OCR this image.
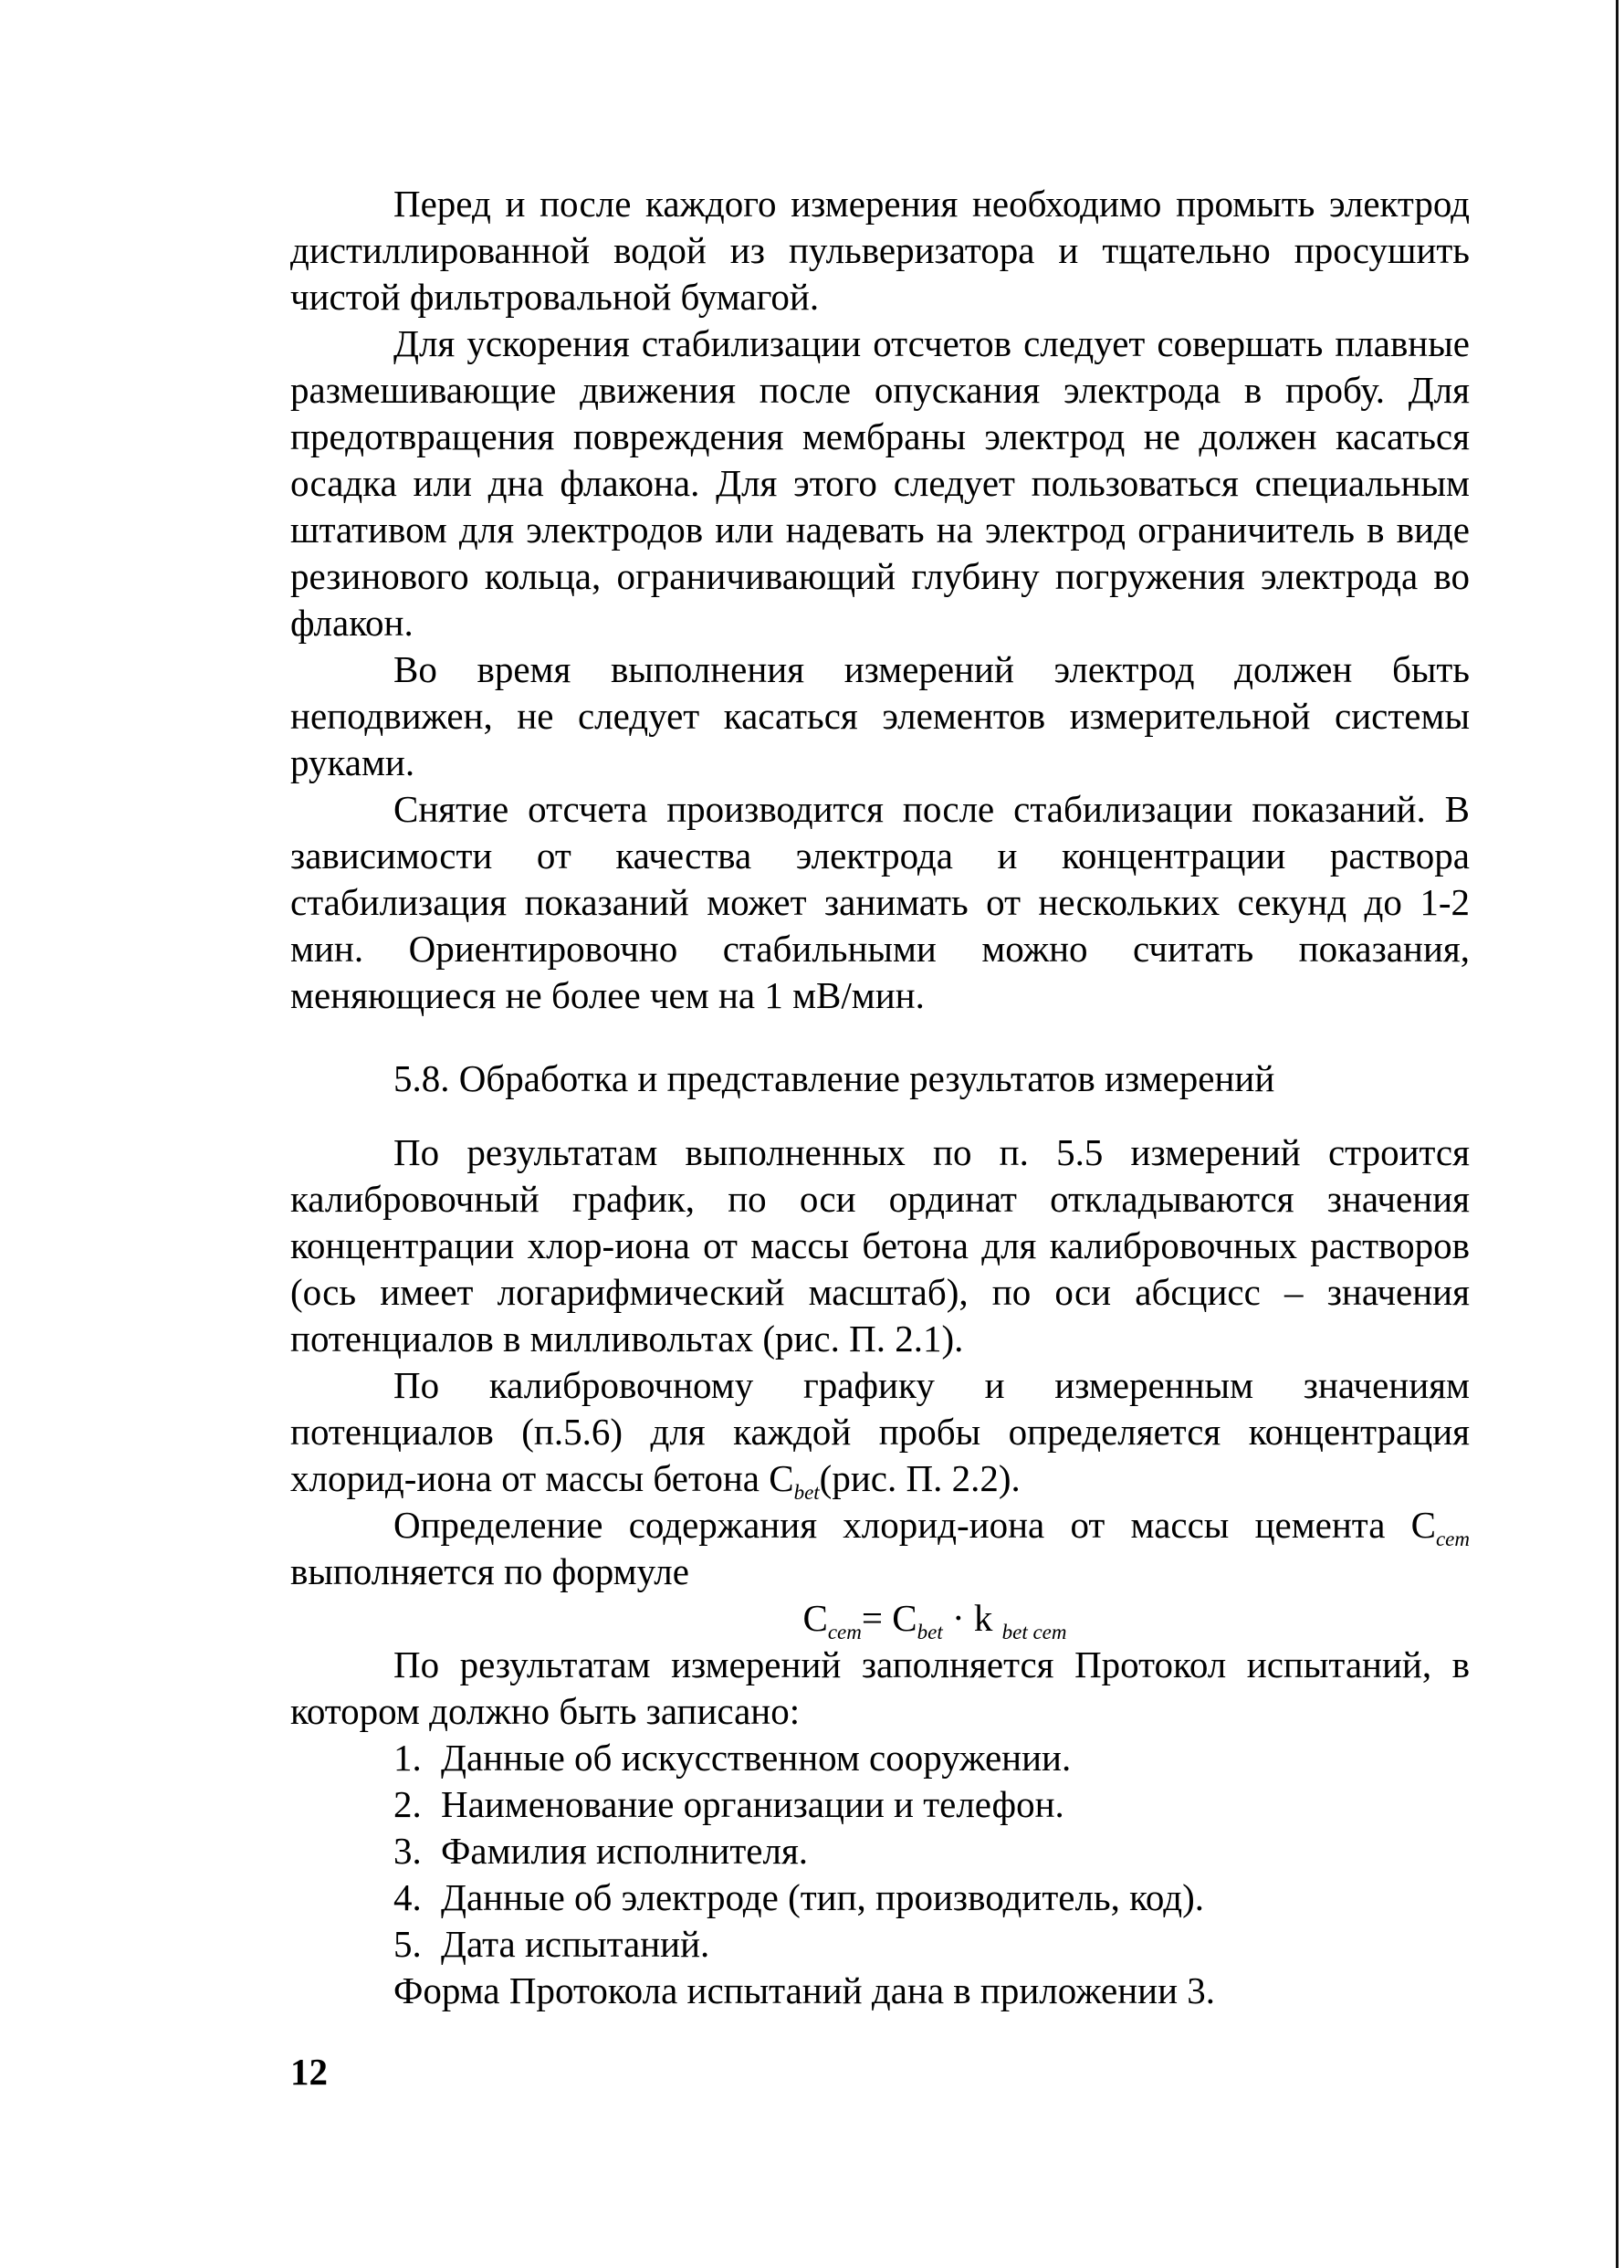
Перед и после каждого измерения необходимо промыть электрод дистиллированной водой из пульверизатора и тщательно просушить чистой фильтровальной бумагой.

Для ускорения стабилизации отсчетов следует совершать плавные размешивающие движения после опускания электрода в пробу. Для предотвращения повреждения мембраны электрод не должен касаться осадка или дна флакона. Для этого следует пользоваться специальным штативом для электродов или надевать на электрод ограничитель в виде резинового кольца, ограничивающий глубину погружения электрода во флакон.

Во время выполнения измерений электрод должен быть неподвижен, не следует касаться элементов измерительной системы руками.

Снятие отсчета производится после стабилизации показаний. В зависимости от качества электрода и концентрации раствора стабилизация показаний может занимать от нескольких секунд до 1-2 мин. Ориентировочно стабильными можно считать показания, меняющиеся не более чем на 1 мВ/мин.

5.8. Обработка и представление результатов измерений

По результатам выполненных по п. 5.5 измерений строится калибровочный график, по оси ординат откладываются значения концентрации хлор-иона от массы бетона для калибровочных растворов (ось имеет логарифмический масштаб), по оси абсцисс – значения потенциалов в милливольтах (рис. П. 2.1).

По калибровочному графику и измеренным значениям потенциалов (п.5.6) для каждой пробы определяется концентрация хлорид-иона от массы бетона $C_{bet}(рис$. П. 2.2).

Определение содержания хлорид-иона от массы цемента $C_{cem}$ выполняется по формуле

$C_{cem}= C_{bet} \cdot k$ $_{bet cem}$

По результатам измерений заполняется Протокол испытаний, в котором должно быть записано:

1. Данные об искусственном сооружении.
2. Наименование организации и телефон.
3. Фамилия исполнителя.
4. Данные об электроде (тип, производитель, код).
5. Дата испытаний.

Форма Протокола испытаний дана в приложении 3.

12
